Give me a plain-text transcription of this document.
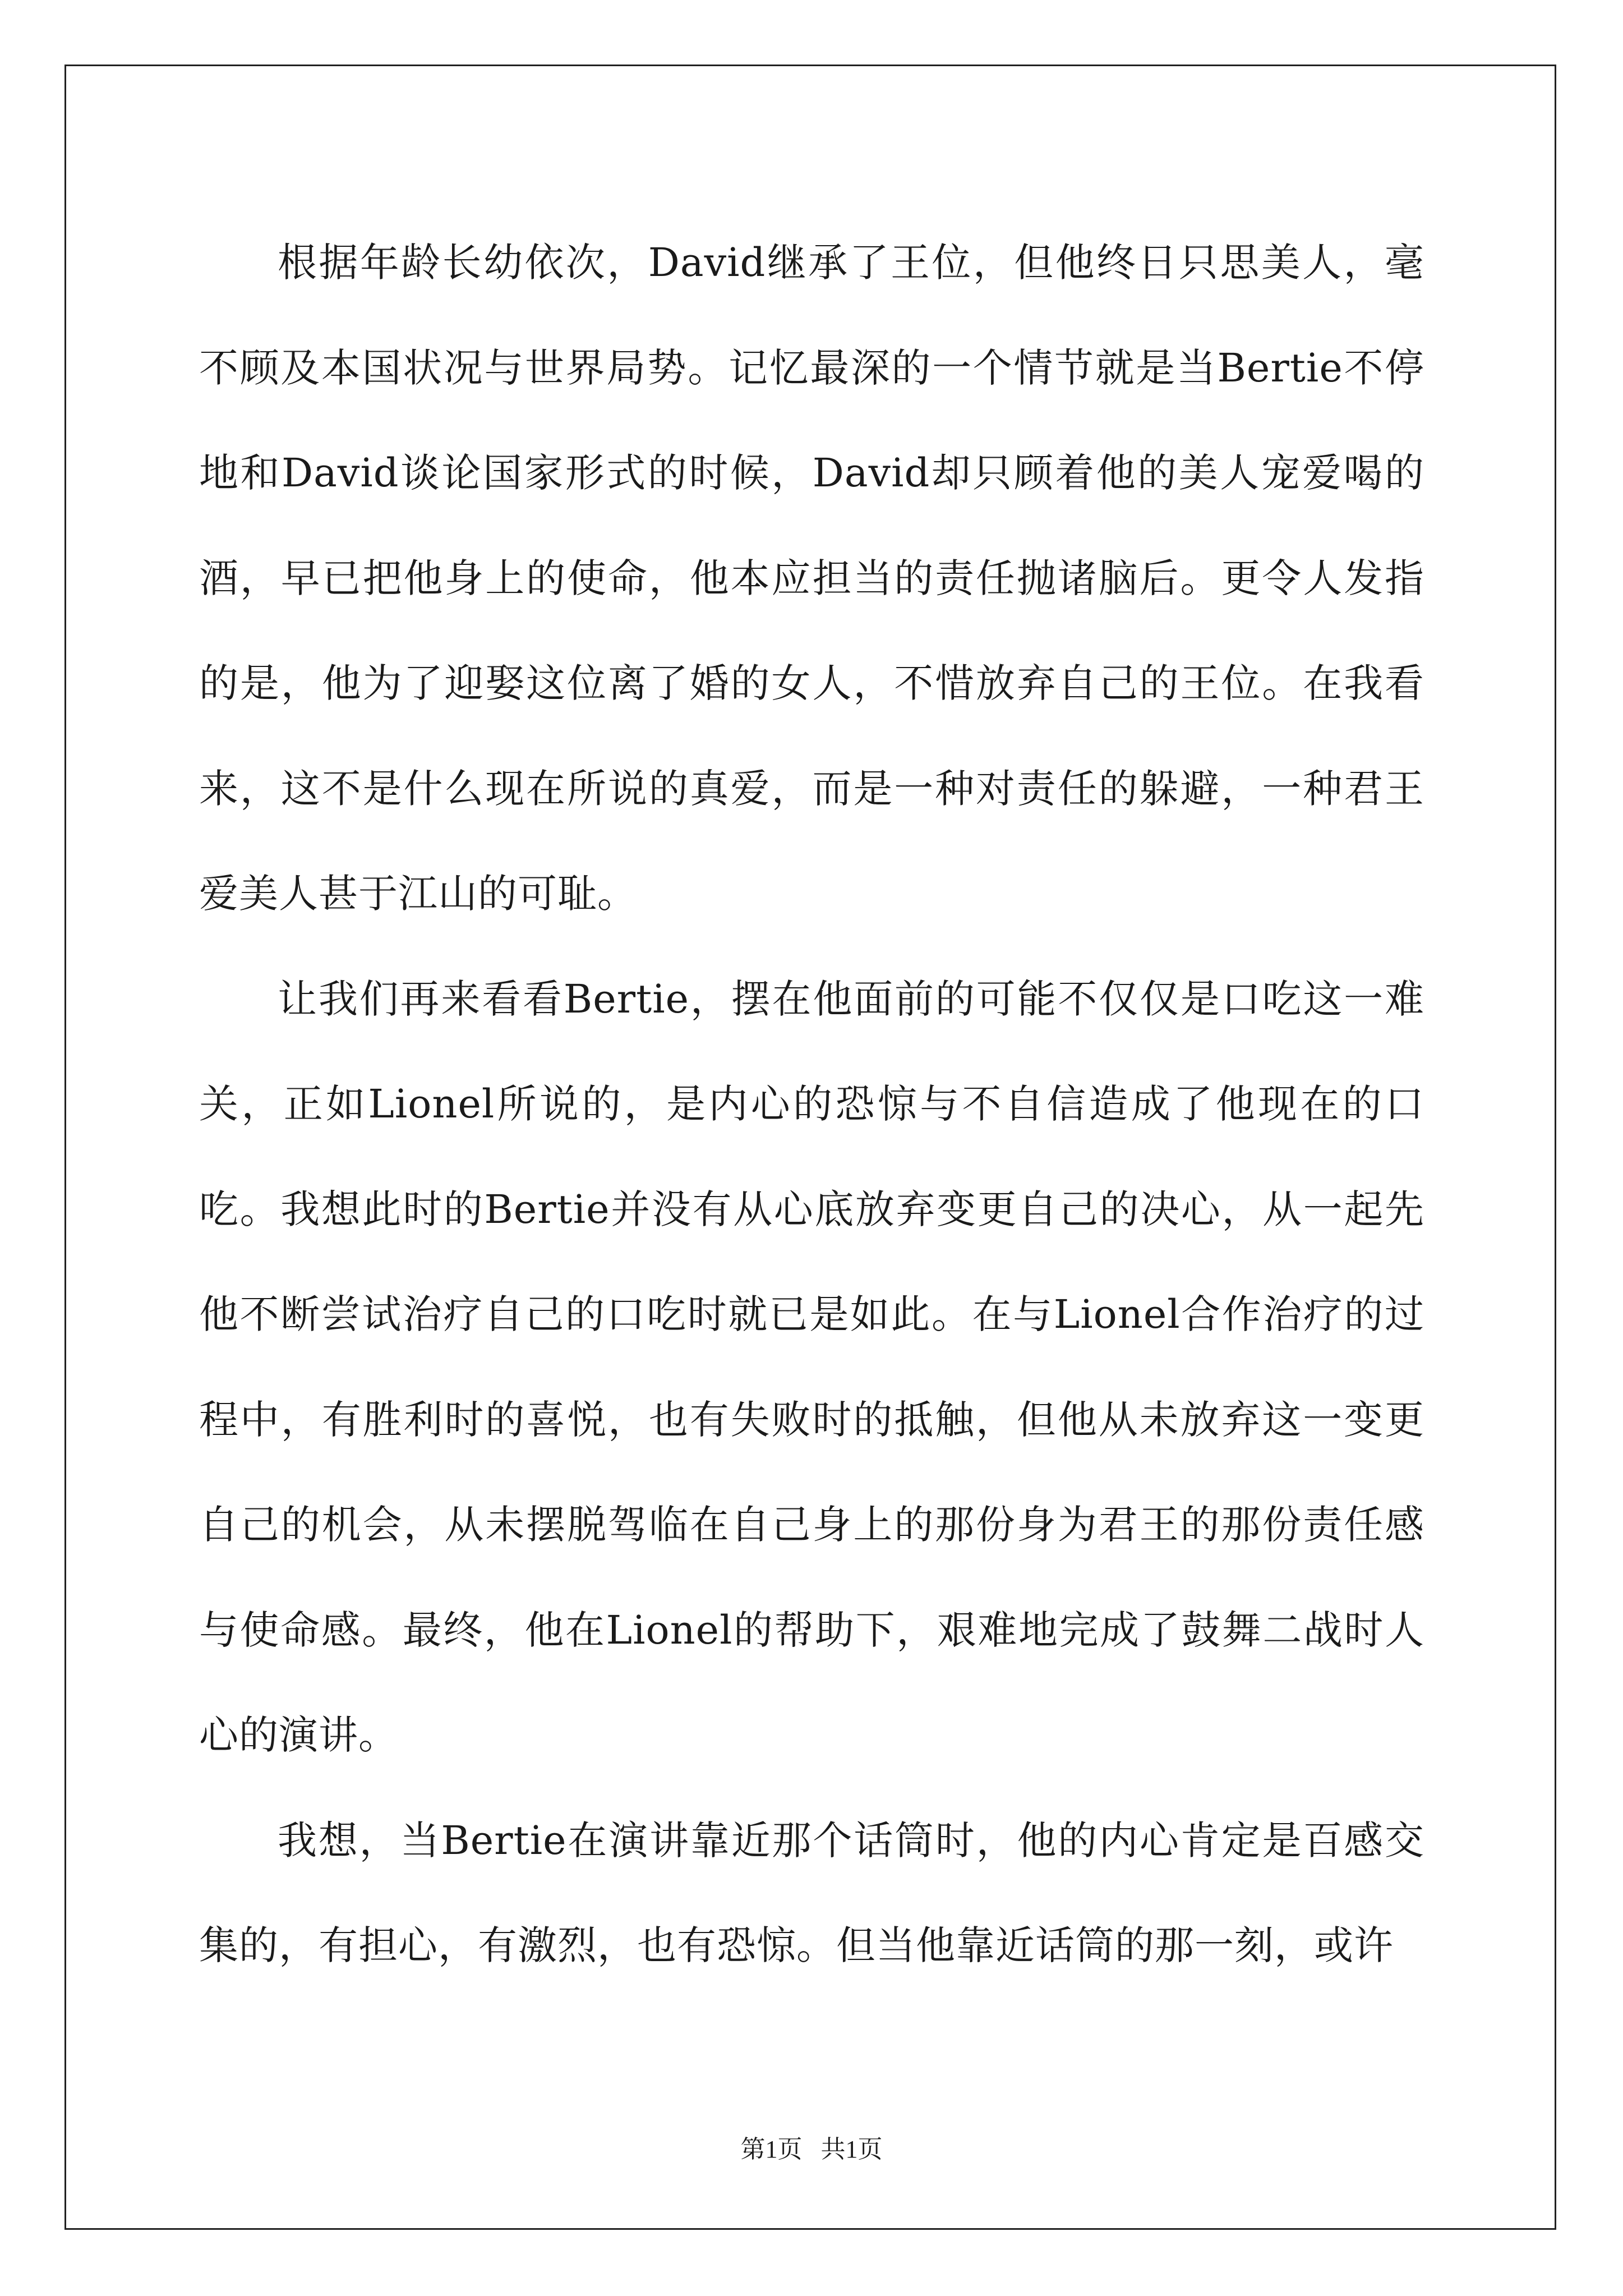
根据年龄长幼依次，David继承了王位，但他终日只思美人，毫不顾及本国状况与世界局势。记忆最深的一个情节就是当Bertie不停地和David谈论国家形式的时候，David却只顾着他的美人宠爱喝的酒，早已把他身上的使命，他本应担当的责任抛诸脑后。更令人发指的是，他为了迎娶这位离了婚的女人，不惜放弃自己的王位。在我看来，这不是什么现在所说的真爱，而是一种对责任的躲避，一种君王爱美人甚于江山的可耻。

让我们再来看看Bertie，摆在他面前的可能不仅仅是口吃这一难关，正如Lionel所说的，是内心的恐惊与不自信造成了他现在的口吃。我想此时的Bertie并没有从心底放弃变更自己的决心，从一起先他不断尝试治疗自己的口吃时就已是如此。在与Lionel合作治疗的过程中，有胜利时的喜悦，也有失败时的抵触，但他从未放弃这一变更自己的机会，从未摆脱驾临在自己身上的那份身为君王的那份责任感与使命感。最终，他在Lionel的帮助下，艰难地完成了鼓舞二战时人心的演讲。

我想，当Bertie在演讲靠近那个话筒时，他的内心肯定是百感交集的，有担心，有激烈，也有恐惊。但当他靠近话筒的那一刻，或许

第1页   共1页
